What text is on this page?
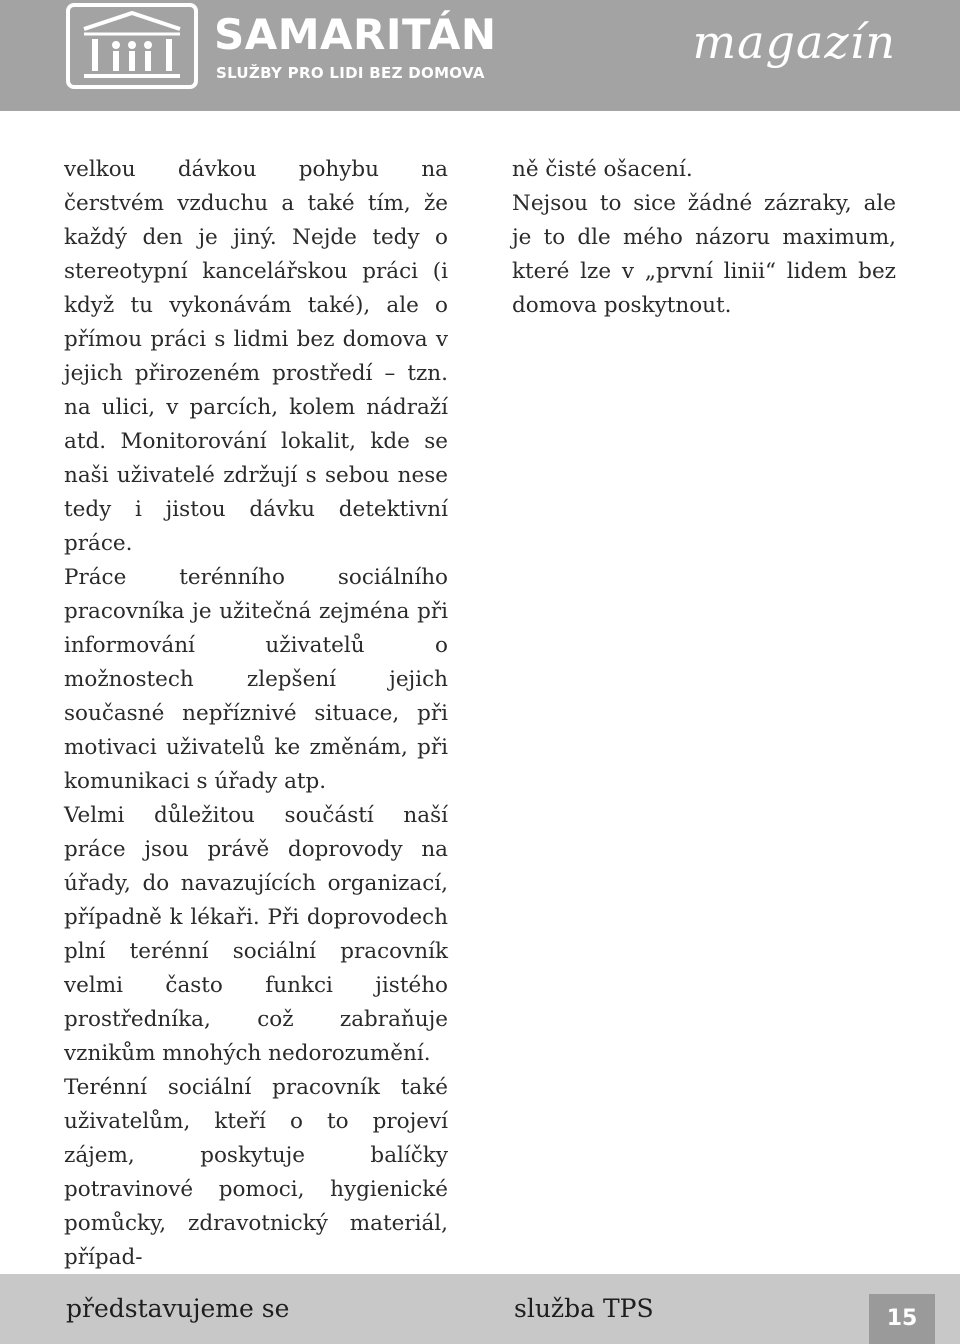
SAMARITÁN
SLUŽBY PRO LIDI BEZ DOMOVA
magazín

velkou dávkou pohybu na čerstvém vzduchu a také tím, že každý den je jiný. Nejde tedy o stereotypní kancelářskou práci (i když tu vykonávám také), ale o přímou práci s lidmi bez domova v jejich přirozeném prostředí – tzn. na ulici, v parcích, kolem nádraží atd. Monitorování lokalit, kde se naši uživatelé zdržují s sebou nese tedy i jistou dávku detektivní práce.

Práce terénního sociálního pracovníka je užitečná zejména při informování uživatelů o možnostech zlepšení jejich současné nepříznivé situace, při motivaci uživatelů ke změnám, při komunikaci s úřady atp.

Velmi důležitou součástí naší práce jsou právě doprovody na úřady, do navazujících organizací, případně k lékaři. Při doprovodech plní terénní sociální pracovník velmi často funkci jistého prostředníka, což zabraňuje vznikům mnohých nedorozumění.

Terénní sociální pracovník také uživatelům, kteří o to projeví zájem, poskytuje balíčky potravinové pomoci, hygienické pomůcky, zdravotnický materiál, případ-

ně čisté ošacení.

Nejsou to sice žádné zázraky, ale je to dle mého názoru maximum, které lze v „první linii“ lidem bez domova poskytnout.

představujeme se	služba TPS	15
